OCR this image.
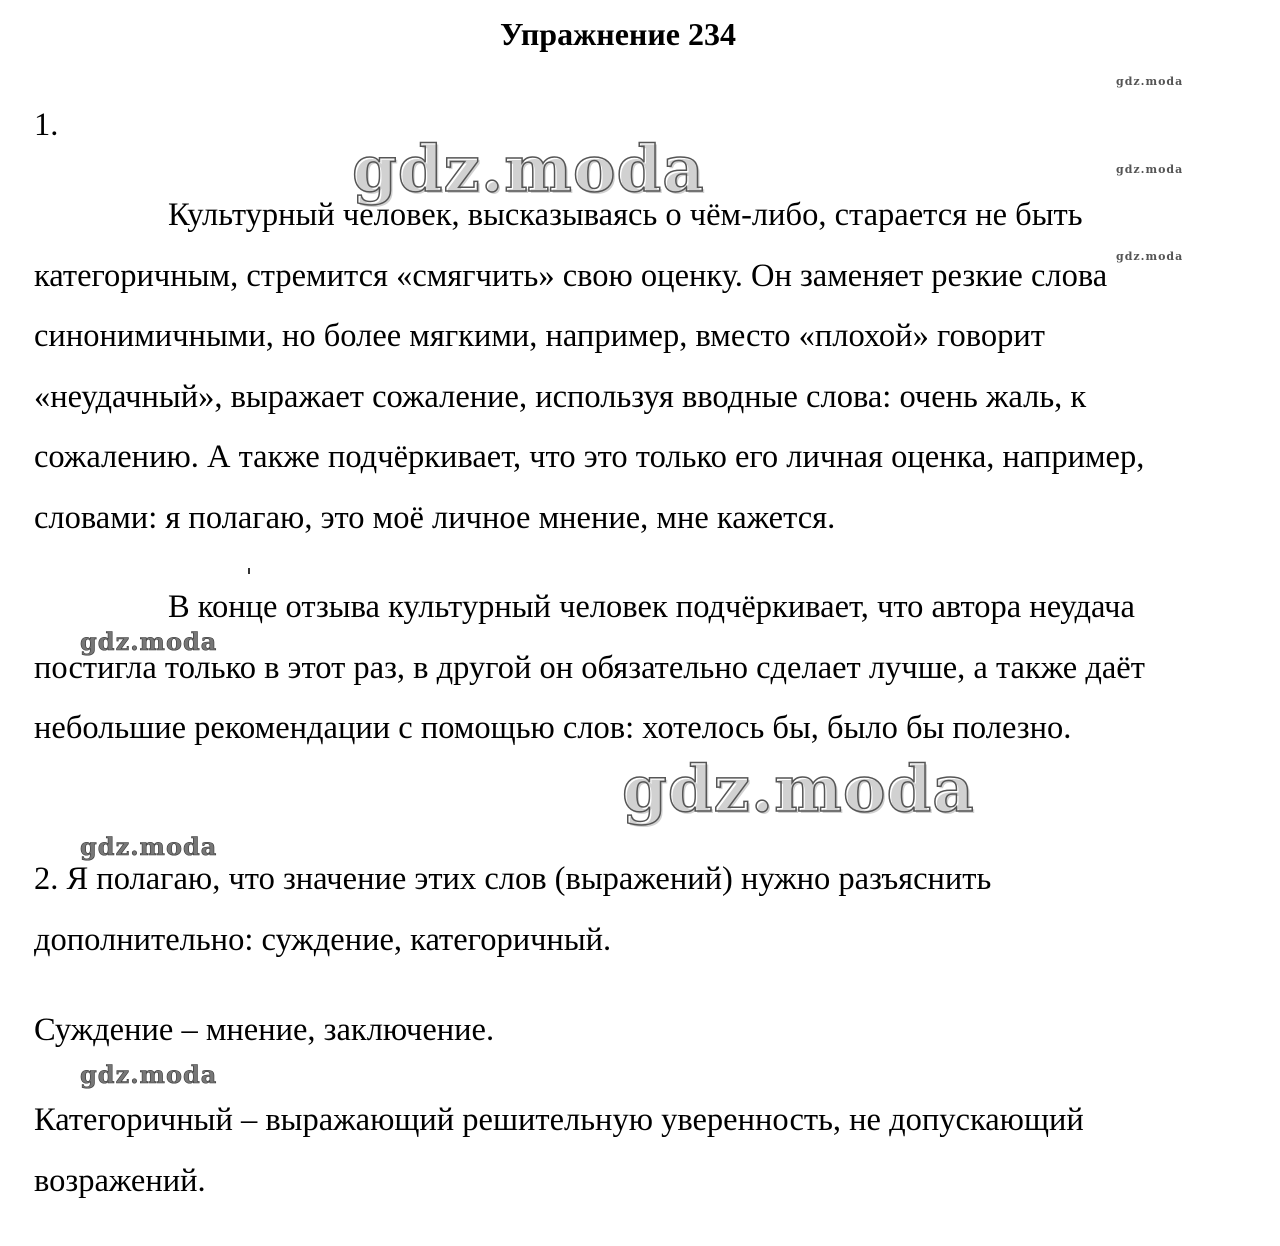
Упражнение 234
1.

Культурный человек, высказываясь о чём-либо, старается не быть категоричным, стремится «смягчить» свою оценку. Он заменяет резкие слова синонимичными, но более мягкими, например, вместо «плохой» говорит «неудачный», выражает сожаление, используя вводные слова: очень жаль, к сожалению. А также подчёркивает, что это только его личная оценка, например, словами: я полагаю, это моё личное мнение, мне кажется.

В конце отзыва культурный человек подчёркивает, что автора неудача постигла только в этот раз, в другой он обязательно сделает лучше, а также даёт небольшие рекомендации с помощью слов: хотелось бы, было бы полезно.

2. Я полагаю, что значение этих слов (выражений) нужно разъяснить дополнительно: суждение, категоричный.

Суждение – мнение, заключение.
Категоричный – выражающий решительную уверенность, не допускающий возражений.
gdz.moda
gdz.moda
gdz.moda
gdz.moda
gdz.moda
gdz.moda
gdz.moda
gdz.moda
